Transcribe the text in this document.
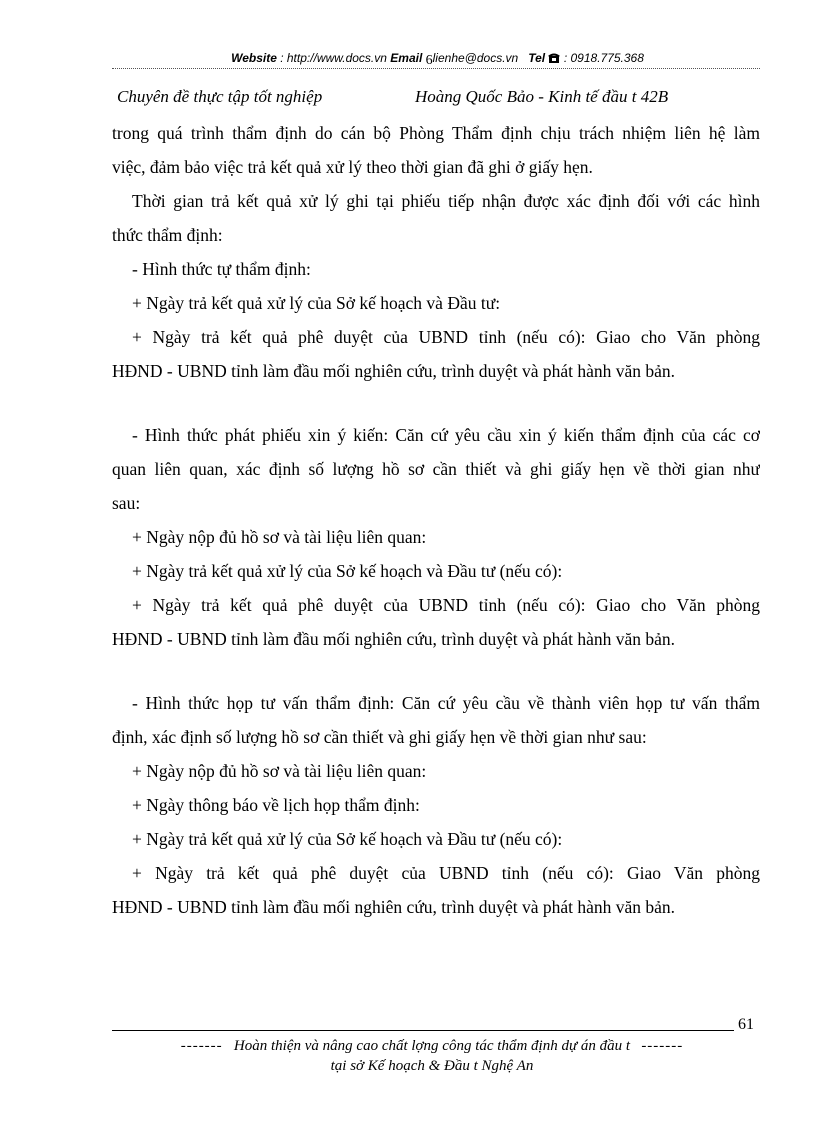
Website : http://www.docs.vn Email 6lienhe@docs.vn Tel : 0918.775.368
Chuyên đề thực tập tốt nghiệp	Hoàng Quốc Bảo - Kinh tế đầu t 42B
trong quá trình thẩm định do cán bộ Phòng Thẩm định chịu trách nhiệm liên hệ làm
việc, đảm bảo việc trả kết quả xử lý theo thời gian đã ghi ở giấy hẹn.
Thời gian trả kết quả xử lý ghi tại phiếu tiếp nhận được xác định đối với các hình
thức thẩm định:
- Hình thức tự thẩm định:
+ Ngày trả kết quả xử lý của Sở kế hoạch và Đầu tư:
+ Ngày trả kết quả phê duyệt của UBND tỉnh (nếu có): Giao cho Văn phòng
HĐND - UBND tỉnh làm đầu mối nghiên cứu, trình duyệt và phát hành văn bản.
- Hình thức phát phiếu xin ý kiến: Căn cứ yêu cầu xin ý kiến thẩm định của các cơ
quan liên quan, xác định số lượng hồ sơ cần thiết và ghi giấy hẹn về thời gian như
sau:
+ Ngày nộp đủ hồ sơ và tài liệu liên quan:
+ Ngày trả kết quả xử lý của Sở kế hoạch và Đầu tư (nếu có):
+ Ngày trả kết quả phê duyệt của UBND tỉnh (nếu có): Giao cho Văn phòng
HĐND - UBND tỉnh làm đầu mối nghiên cứu, trình duyệt và phát hành văn bản.
- Hình thức họp tư vấn thẩm định: Căn cứ yêu cầu về thành viên họp tư vấn thẩm
định, xác định số lượng hồ sơ cần thiết và ghi giấy hẹn về thời gian như sau:
+ Ngày nộp đủ hồ sơ và tài liệu liên quan:
+ Ngày thông báo về lịch họp thẩm định:
+ Ngày trả kết quả xử lý của Sở kế hoạch và Đầu tư (nếu có):
+ Ngày trả kết quả phê duyệt của UBND tỉnh (nếu có): Giao Văn phòng
HĐND - UBND tỉnh làm đầu mối nghiên cứu, trình duyệt và phát hành văn bản.
61
------- Hoàn thiện và nâng cao chất lợng công tác thẩm định dự án đầu t -------
tại sở Kế hoạch & Đầu t Nghệ An
